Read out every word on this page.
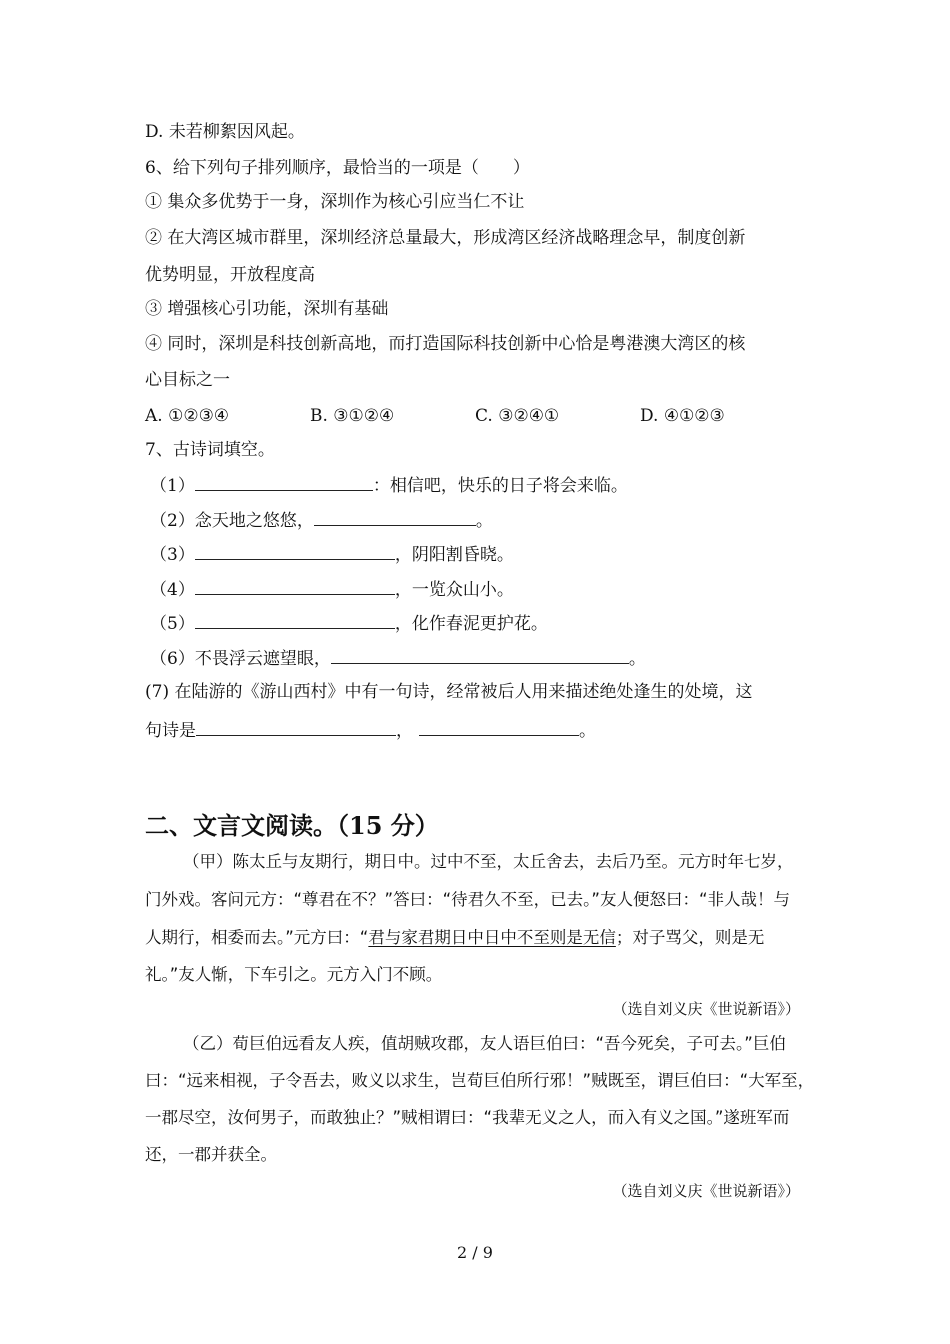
D. 未若柳絮因风起。
6、给下列句子排列顺序，最恰当的一项是（　　）
① 集众多优势于一身，深圳作为核心引应当仁不让
② 在大湾区城市群里，深圳经济总量最大，形成湾区经济战略理念早，制度创新
优势明显，开放程度高
③ 增强核心引功能，深圳有基础
④ 同时，深圳是科技创新高地，而打造国际科技创新中心恰是粤港澳大湾区的核
心目标之一
A. ①②③④	B. ③①②④	C. ③②④①	D. ④①②③
7、古诗词填空。
（1）	：相信吧，快乐的日子将会来临。
（2）念天地之悠悠，	。
（3）	，阴阳割昏晓。
（4）	，一览众山小。
（5）	，化作春泥更护花。
（6）不畏浮云遮望眼，	。
(7) 在陆游的《游山西村》中有一句诗，经常被后人用来描述绝处逢生的处境，这
句诗是	，	。
二、文言文阅读。（15 分）
（甲）陈太丘与友期行，期日中。过中不至，太丘舍去，去后乃至。元方时年七岁，
门外戏。客问元方：“尊君在不？”答曰：“待君久不至，已去。”友人便怒曰：“非人哉！与
人期行，相委而去。”元方曰：“君与家君期日中日中不至则是无信；对子骂父，则是无
礼。”友人惭，下车引之。元方入门不顾。
（选自刘义庆《世说新语》）
（乙）荀巨伯远看友人疾，值胡贼攻郡，友人语巨伯曰：“吾今死矣，子可去。”巨伯
曰：“远来相视，子令吾去，败义以求生，岂荀巨伯所行邪！”贼既至，谓巨伯曰：“大军至，
一郡尽空，汝何男子，而敢独止？”贼相谓曰：“我辈无义之人，而入有义之国。”遂班军而
还，一郡并获全。
（选自刘义庆《世说新语》）
2 / 9
